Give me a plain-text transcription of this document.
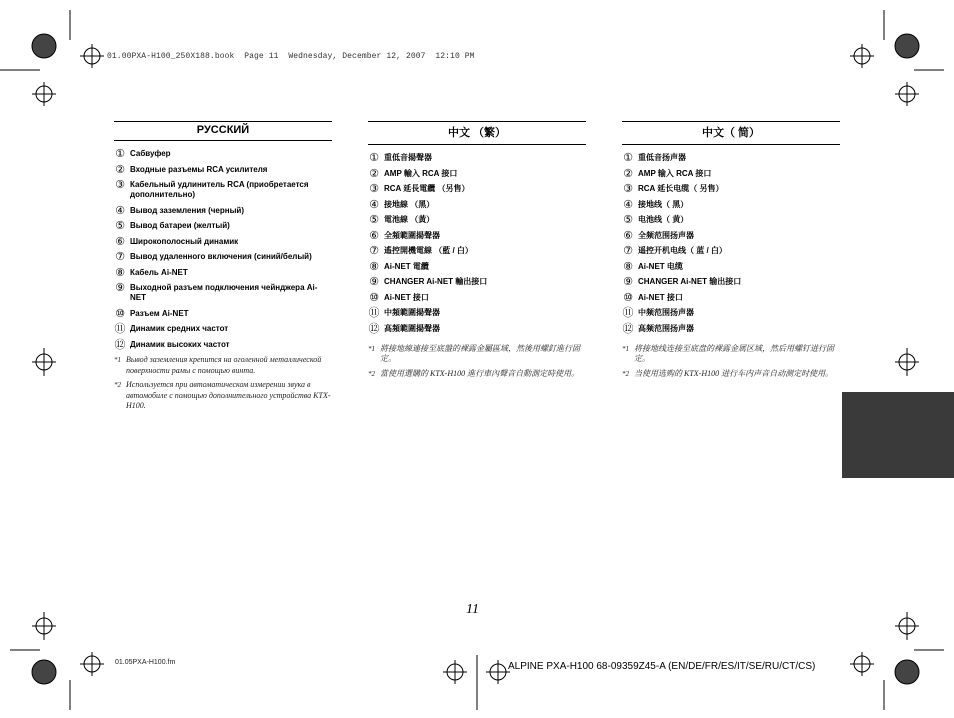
01.00PXA-H100_250X188.book  Page 11  Wednesday, December 12, 2007  12:10 PM
РУССКИЙ
① Сабвуфер
② Входные разъемы RCA усилителя
③ Кабельный удлинитель RCA (приобретается дополнительно)
④ Вывод заземления (черный)
⑤ Вывод батареи (желтый)
⑥ Широкополосный динамик
⑦ Вывод удаленного включения (синий/белый)
⑧ Кабель Ai-NET
⑨ Выходной разъем подключения чейнджера Ai-NET
⑩ Разъем Ai-NET
⑪ Динамик средних частот
⑫ Динамик высоких частот
*1 Вывод заземления крепится на оголенной металлической поверхности рамы с помощью винта.
*2 Используется при автоматическом измерении звука в автомобиле с помощью дополнительного устройства KTX-H100.
中文 （繁）
① 重低音揚聲器
② AMP 輸入 RCA 接口
③ RCA 延長電纜 （另售）
④ 接地線 （黑）
⑤ 電池線 （黃）
⑥ 全頻範圍揚聲器
⑦ 遙控開機電線 （藍 / 白）
⑧ Ai-NET 電纜
⑨ CHANGER Ai-NET 輸出接口
⑩ Ai-NET 接口
⑪ 中頻範圍揚聲器
⑫ 高頻範圍揚聲器
*1 將接地線連接至底盤的裸露金屬區域，然後用螺釘進行固定。
*2 當使用選購的 KTX-H100 進行車內聲音自動測定時使用。
中文（ 简）
① 重低音扬声器
② AMP 输入 RCA 接口
③ RCA 延长电缆（ 另售）
④ 接地线（ 黑）
⑤ 电池线（ 黄）
⑥ 全频范围扬声器
⑦ 遥控开机电线（ 蓝 / 白）
⑧ Ai-NET 电缆
⑨ CHANGER Ai-NET 输出接口
⑩ Ai-NET 接口
⑪ 中频范围扬声器
⑫ 高频范围扬声器
*1 将接地线连接至底盘的裸露金属区域，然后用螺钉进行固定。
*2 当使用选购的 KTX-H100 进行车内声音自动测定时使用。
11
01.05PXA-H100.fm	ALPINE PXA-H100 68-09359Z45-A (EN/DE/FR/ES/IT/SE/RU/CT/CS)
